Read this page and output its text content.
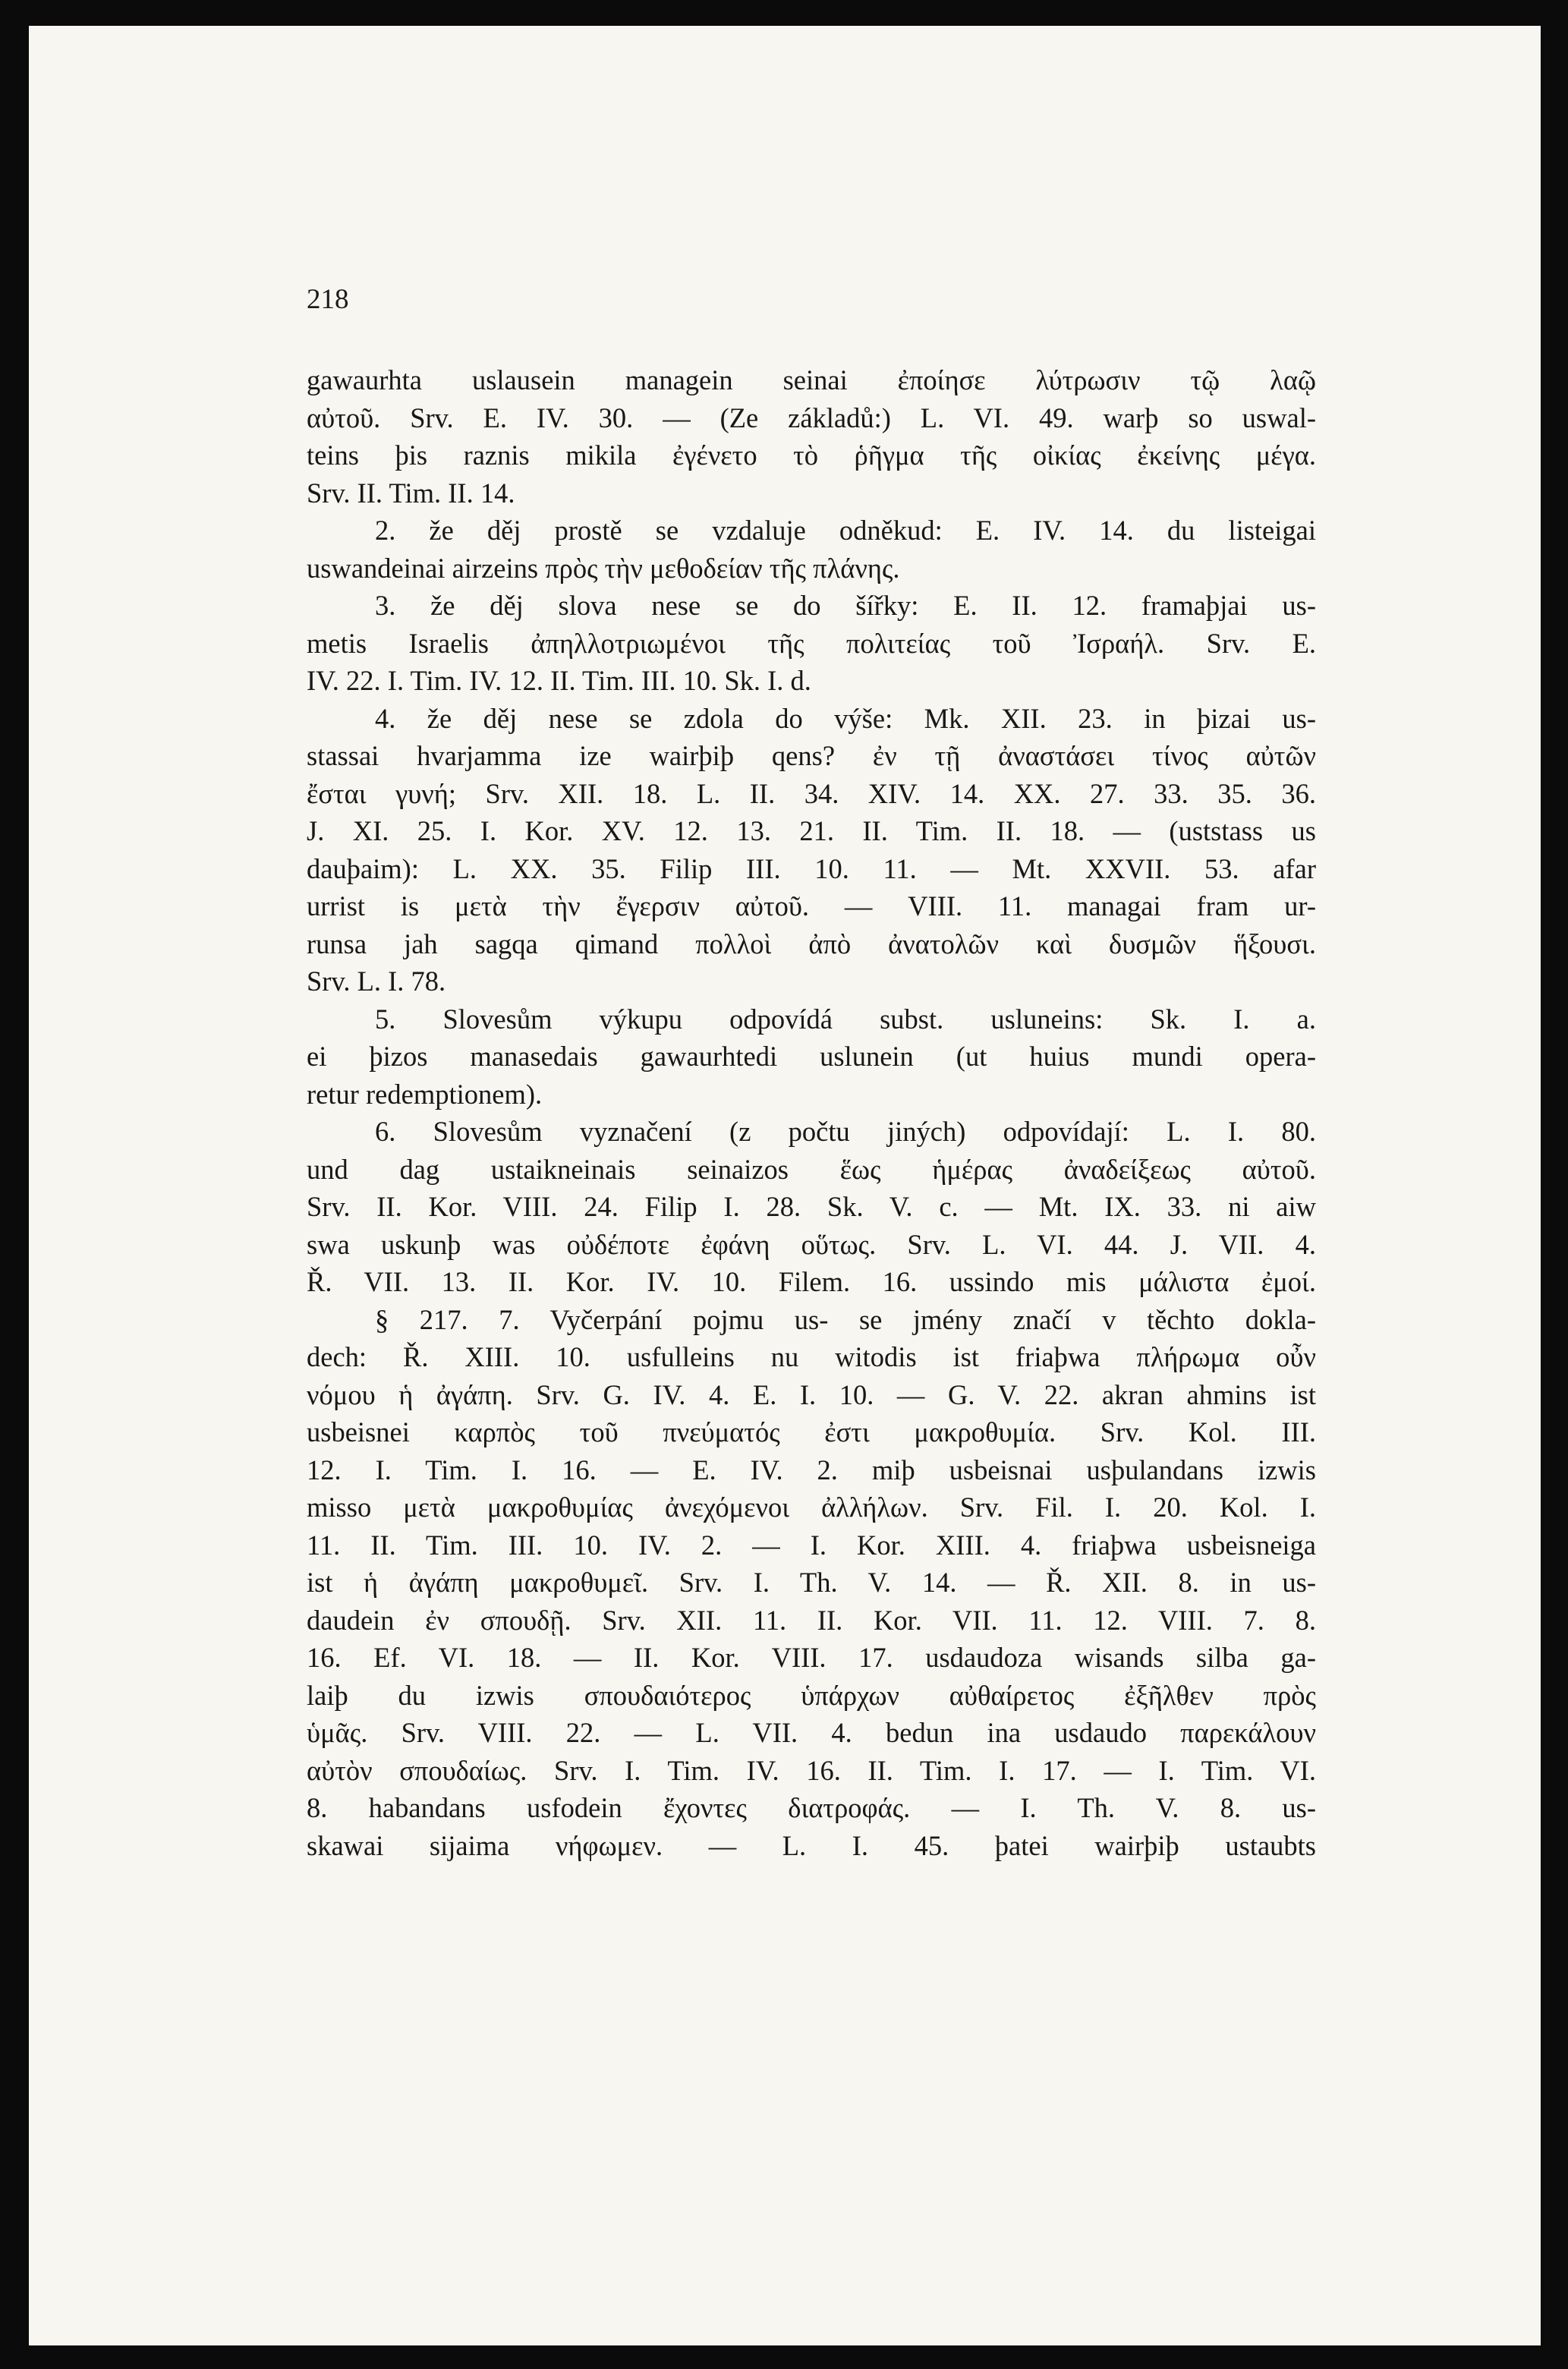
218
gawaurhta uslausein managein seinai ἐποίησε λύτρωσιν τῷ λαῷ
αὐτοῦ. Srv. E. IV. 30. — (Ze základů:) L. VI. 49. warþ so uswal-
teins þis raznis mikila ἐγένετο τὸ ῥῆγμα τῆς οἰκίας ἐκείνης μέγα.
Srv. II. Tim. II. 14.
2. že děj prostě se vzdaluje odněkud: E. IV. 14. du listeigai
uswandeinai airzeins πρὸς τὴν μεθοδείαν τῆς πλάνης.
3. že děj slova nese se do šířky: E. II. 12. framaþjai us-
metis Israelis ἀπηλλοτριωμένοι τῆς πολιτείας τοῦ Ἰσραήλ. Srv. E.
IV. 22. I. Tim. IV. 12. II. Tim. III. 10. Sk. I. d.
4. že děj nese se zdola do výše: Mk. XII. 23. in þizai us-
stassai hvarjamma ize wairþiþ qens? ἐν τῇ ἀναστάσει τίνος αὐτῶν
ἔσται γυνή; Srv. XII. 18. L. II. 34. XIV. 14. XX. 27. 33. 35. 36.
J. XI. 25. I. Kor. XV. 12. 13. 21. II. Tim. II. 18. — (uststass us
dauþaim): L. XX. 35. Filip III. 10. 11. — Mt. XXVII. 53. afar
urrist is μετὰ τὴν ἔγερσιν αὐτοῦ. — VIII. 11. managai fram ur-
runsa jah sagqa qimand πολλοὶ ἀπὸ ἀνατολῶν καὶ δυσμῶν ἥξουσι.
Srv. L. I. 78.
5. Slovesům výkupu odpovídá subst. usluneins: Sk. I. a.
ei þizos manasedais gawaurhtedi uslunein (ut huius mundi opera-
retur redemptionem).
6. Slovesům vyznačení (z počtu jiných) odpovídají: L. I. 80.
und dag ustaikneinais seinaizos ἕως ἡμέρας ἀναδείξεως αὐτοῦ.
Srv. II. Kor. VIII. 24. Filip I. 28. Sk. V. c. — Mt. IX. 33. ni aiw
swa uskunþ was οὐδέποτε ἐφάνη οὕτως. Srv. L. VI. 44. J. VII. 4.
Ř. VII. 13. II. Kor. IV. 10. Filem. 16. ussindo mis μάλιστα ἐμοί.
§ 217. 7. Vyčerpání pojmu us- se jmény značí v těchto dokla-
dech: Ř. XIII. 10. usfulleins nu witodis ist friaþwa πλήρωμα οὖν
νόμου ἡ ἀγάπη. Srv. G. IV. 4. E. I. 10. — G. V. 22. akran ahmins ist
usbeisnei καρπὸς τοῦ πνεύματός ἐστι μακροθυμία. Srv. Kol. III.
12. I. Tim. I. 16. — E. IV. 2. miþ usbeisnai usþulandans izwis
misso μετὰ μακροθυμίας ἀνεχόμενοι ἀλλήλων. Srv. Fil. I. 20. Kol. I.
11. II. Tim. III. 10. IV. 2. — I. Kor. XIII. 4. friaþwa usbeisneiga
ist ἡ ἀγάπη μακροθυμεῖ. Srv. I. Th. V. 14. — Ř. XII. 8. in us-
daudein ἐν σπουδῇ. Srv. XII. 11. II. Kor. VII. 11. 12. VIII. 7. 8.
16. Ef. VI. 18. — II. Kor. VIII. 17. usdaudoza wisands silba ga-
laiþ du izwis σπουδαιότερος ὑπάρχων αὐθαίρετος ἐξῆλθεν πρὸς
ὑμᾶς. Srv. VIII. 22. — L. VII. 4. bedun ina usdaudo παρεκάλουν
αὐτὸν σπουδαίως. Srv. I. Tim. IV. 16. II. Tim. I. 17. — I. Tim. VI.
8. habandans usfodein ἔχοντες διατροφάς. — I. Th. V. 8. us-
skawai sijaima νήφωμεν. — L. I. 45. þatei wairþiþ ustaubts
